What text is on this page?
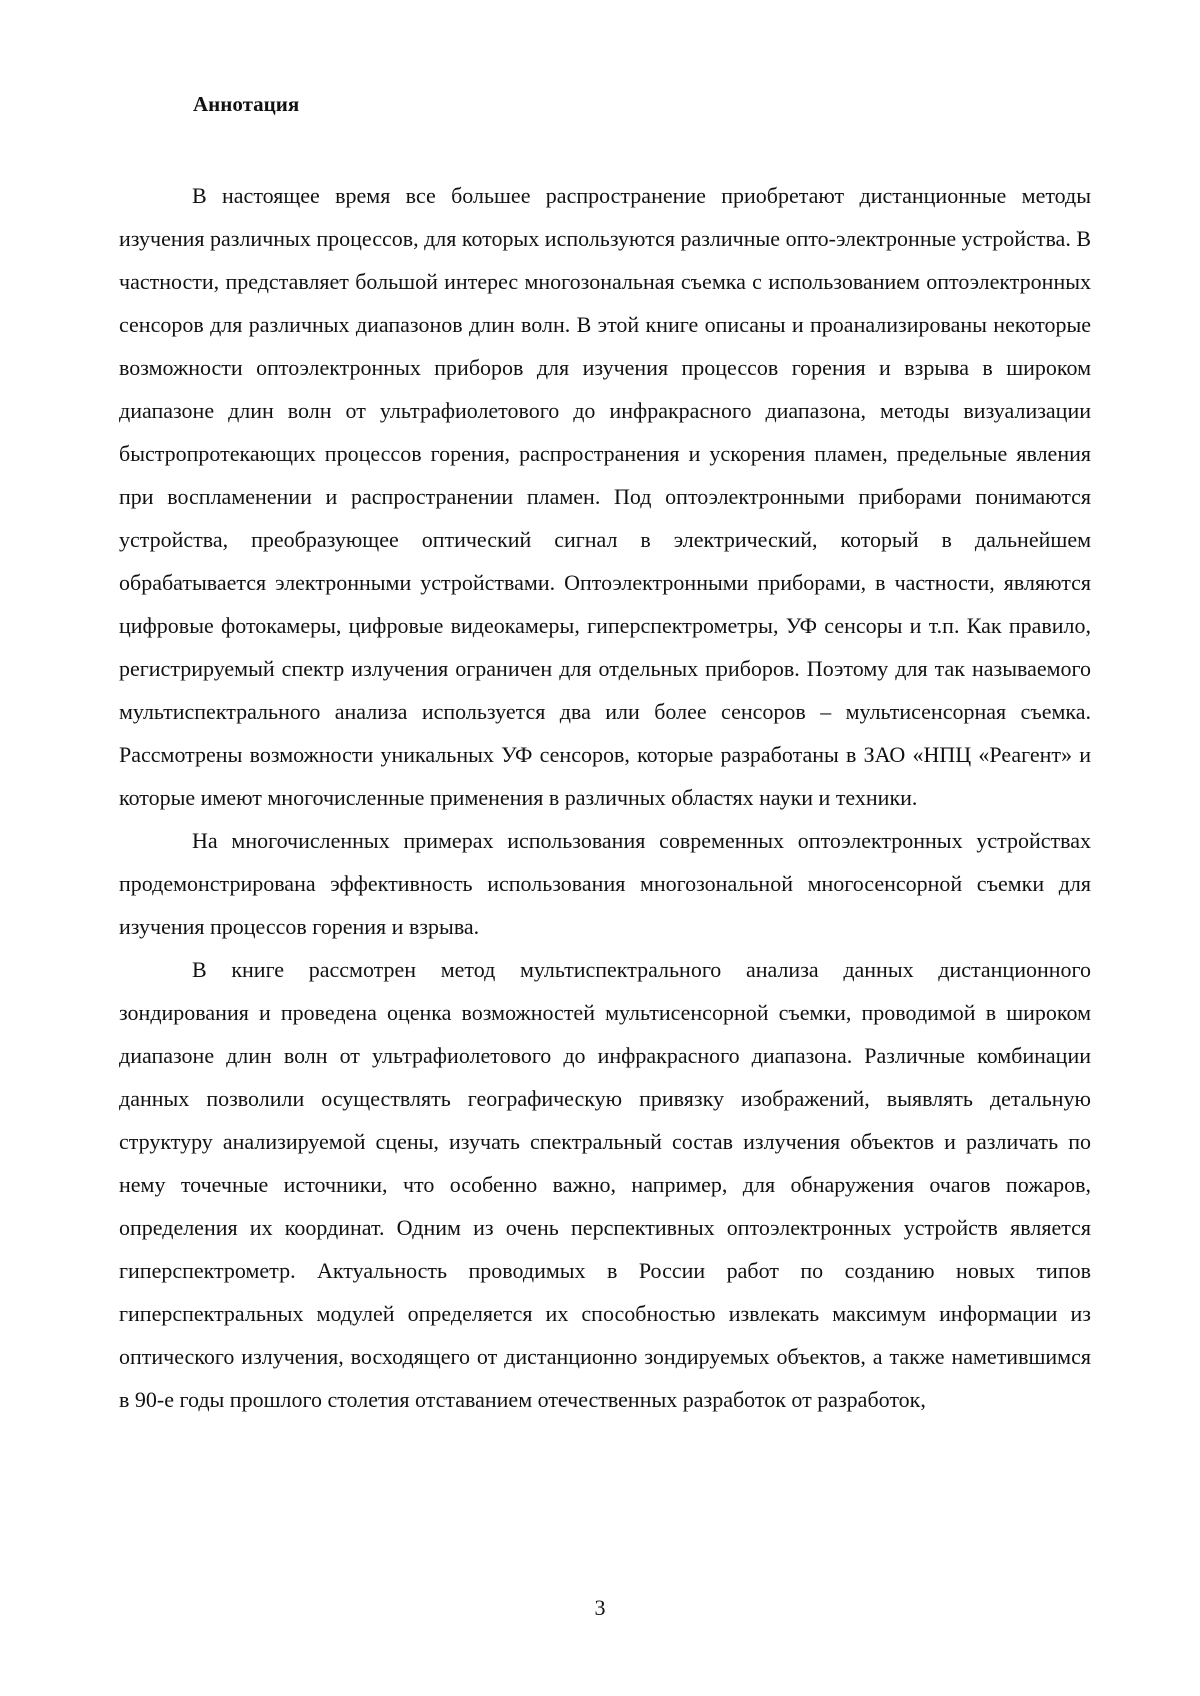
Аннотация

В настоящее время все большее распространение приобретают дистанционные методы изучения различных процессов, для которых используются различные опто-электронные устройства. В частности, представляет большой интерес многозональная съемка с использованием оптоэлектронных сенсоров для различных диапазонов длин волн. В этой книге описаны и проанализированы некоторые возможности оптоэлектронных приборов для изучения процессов горения и взрыва в широком диапазоне длин волн от ультрафиолетового до инфракрасного диапазона, методы визуализации быстропротекающих процессов горения, распространения и ускорения пламен, предельные явления при воспламенении и распространении пламен. Под оптоэлектронными приборами понимаются устройства, преобразующее оптический сигнал в электрический, который в дальнейшем обрабатывается электронными устройствами. Оптоэлектронными приборами, в частности, являются цифровые фотокамеры, цифровые видеокамеры, гиперспектрометры, УФ сенсоры и т.п. Как правило, регистрируемый спектр излучения ограничен для отдельных приборов. Поэтому для так называемого мультиспектрального анализа используется два или более сенсоров – мультисенсорная съемка. Рассмотрены возможности уникальных УФ сенсоров, которые разработаны в ЗАО «НПЦ «Реагент» и которые имеют многочисленные применения в различных областях науки и техники.

На многочисленных примерах использования современных оптоэлектронных устройствах продемонстрирована эффективность использования многозональной многосенсорной съемки для изучения процессов горения и взрыва.

В книге рассмотрен метод мультиспектрального анализа данных дистанционного зондирования и проведена оценка возможностей мультисенсорной съемки, проводимой в широком диапазоне длин волн от ультрафиолетового до инфракрасного диапазона. Различные комбинации данных позволили осуществлять географическую привязку изображений, выявлять детальную структуру анализируемой сцены, изучать спектральный состав излучения объектов и различать по нему точечные источники, что особенно важно, например, для обнаружения очагов пожаров, определения их координат. Одним из очень перспективных оптоэлектронных устройств является гиперспектрометр. Актуальность проводимых в России работ по созданию новых типов гиперспектральных модулей определяется их способностью извлекать максимум информации из оптического излучения, восходящего от дистанционно зондируемых объектов, а также наметившимся в 90-е годы прошлого столетия отставанием отечественных разработок от разработок,

3
